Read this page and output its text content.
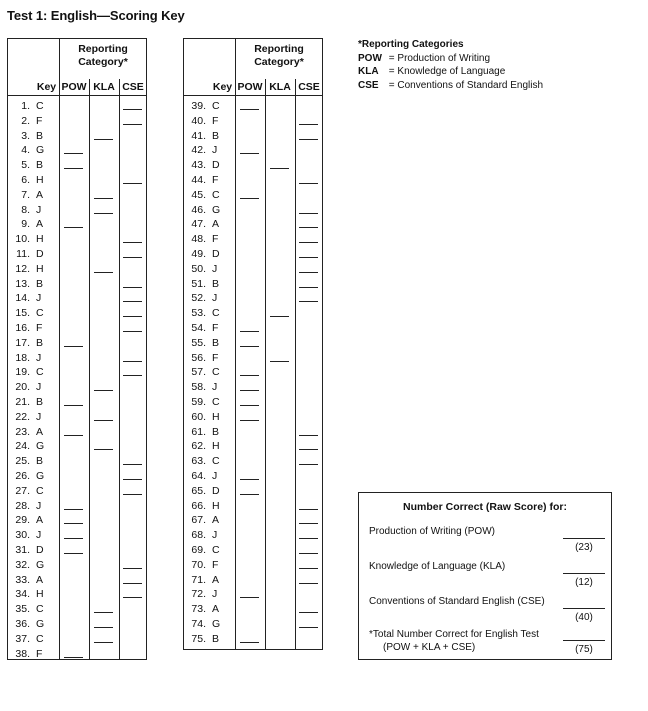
Test 1: English—Scoring Key
Reporting
Category*
Key POW KLA CSE
1. C
2. F
3. B
4. G
5. B
6. H
7. A
8. J
9. A
10. H
11. D
12. H
13. B
14. J
15. C
16. F
17. B
18. J
19. C
20. J
21. B
22. J
23. A
24. G
25. B
26. G
27. C
28. J
29. A
30. J
31. D
32. G
33. A
34. H
35. C
36. G
37. C
38. F
Reporting
Category*
Key POW KLA CSE
39. C
40. F
41. B
42. J
43. D
44. F
45. C
46. G
47. A
48. F
49. D
50. J
51. B
52. J
53. C
54. F
55. B
56. F
57. C
58. J
59. C
60. H
61. B
62. H
63. C
64. J
65. D
66. H
67. A
68. J
69. C
70. F
71. A
72. J
73. A
74. G
75. B
*Reporting Categories
POW = Production of Writing
KLA = Knowledge of Language
CSE = Conventions of Standard English
Number Correct (Raw Score) for:
Production of Writing (POW)
(23)
Knowledge of Language (KLA)
(12)
Conventions of Standard English (CSE)
(40)
*Total Number Correct for English Test
(POW + KLA + CSE)	(75)
